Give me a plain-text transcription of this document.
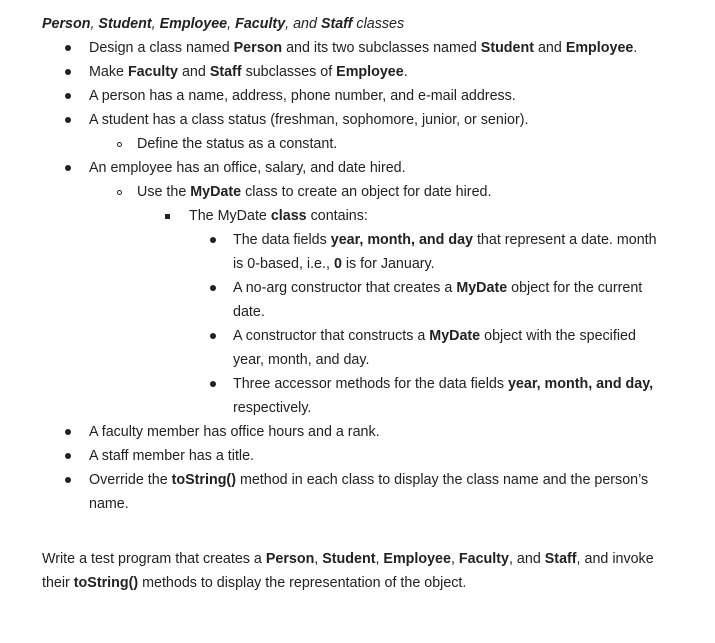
Person, Student, Employee, Faculty, and Staff classes
Design a class named Person and its two subclasses named Student and Employee.
Make Faculty and Staff subclasses of Employee.
A person has a name, address, phone number, and e-mail address.
A student has a class status (freshman, sophomore, junior, or senior).
Define the status as a constant.
An employee has an office, salary, and date hired.
Use the MyDate class to create an object for date hired.
The MyDate class contains:
The data fields year, month, and day that represent a date. month
is 0-based, i.e., 0 is for January.
A no-arg constructor that creates a MyDate object for the current
date.
A constructor that constructs a MyDate object with the specified
year, month, and day.
Three accessor methods for the data fields year, month, and day,
respectively.
A faculty member has office hours and a rank.
A staff member has a title.
Override the toString() method in each class to display the class name and the person’s
name.
Write a test program that creates a Person, Student, Employee, Faculty, and Staff, and invoke
their toString() methods to display the representation of the object.
